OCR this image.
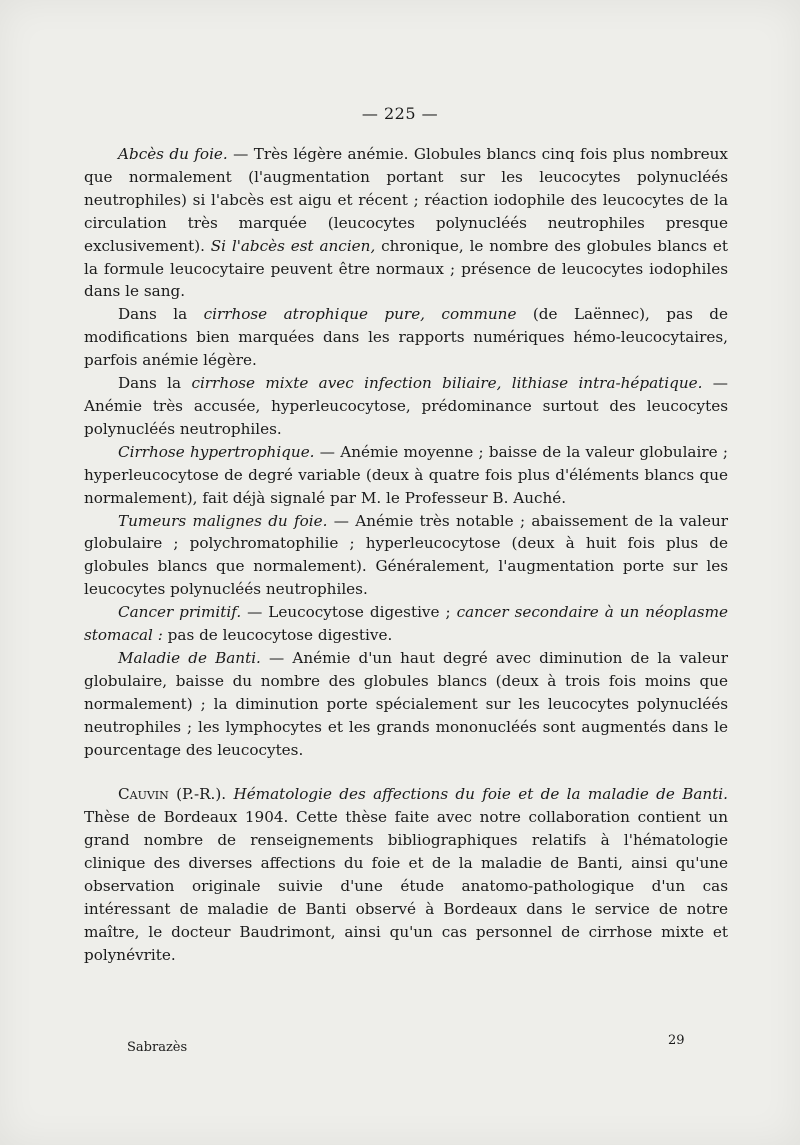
— 225 —

Abcès du foie. — Très légère anémie. Globules blancs cinq fois plus nombreux que normalement (l'augmentation portant sur les leucocytes polynucléés neutrophiles) si l'abcès est aigu et récent ; réaction iodophile des leucocytes de la circulation très marquée (leucocytes polynucléés neutrophiles presque exclusivement). Si l'abcès est ancien, chronique, le nombre des globules blancs et la formule leucocytaire peuvent être normaux ; présence de leucocytes iodophiles dans le sang.

Dans la cirrhose atrophique pure, commune (de Laënnec), pas de modifications bien marquées dans les rapports numériques hémo-leucocytaires, parfois anémie légère.

Dans la cirrhose mixte avec infection biliaire, lithiase intra-hépatique. — Anémie très accusée, hyperleucocytose, prédominance surtout des leucocytes polynucléés neutrophiles.

Cirrhose hypertrophique. — Anémie moyenne ; baisse de la valeur globulaire ; hyperleucocytose de degré variable (deux à quatre fois plus d'éléments blancs que normalement), fait déjà signalé par M. le Professeur B. Auché.

Tumeurs malignes du foie. — Anémie très notable ; abaissement de la valeur globulaire ; polychromatophilie ; hyperleucocytose (deux à huit fois plus de globules blancs que normalement). Généralement, l'augmentation porte sur les leucocytes polynucléés neutrophiles.

Cancer primitif. — Leucocytose digestive ; cancer secondaire à un néoplasme stomacal : pas de leucocytose digestive.

Maladie de Banti. — Anémie d'un haut degré avec diminution de la valeur globulaire, baisse du nombre des globules blancs (deux à trois fois moins que normalement) ; la diminution porte spécialement sur les leucocytes polynucléés neutrophiles ; les lymphocytes et les grands mononucléés sont augmentés dans le pourcentage des leucocytes.

Cauvin (P.-R.). Hématologie des affections du foie et de la maladie de Banti. Thèse de Bordeaux 1904. Cette thèse faite avec notre collaboration contient un grand nombre de renseignements bibliographiques relatifs à l'hématologie clinique des diverses affections du foie et de la maladie de Banti, ainsi qu'une observation originale suivie d'une étude anatomo-pathologique d'un cas intéressant de maladie de Banti observé à Bordeaux dans le service de notre maître, le docteur Baudrimont, ainsi qu'un cas personnel de cirrhose mixte et polynévrite.

Sabrazès	29
